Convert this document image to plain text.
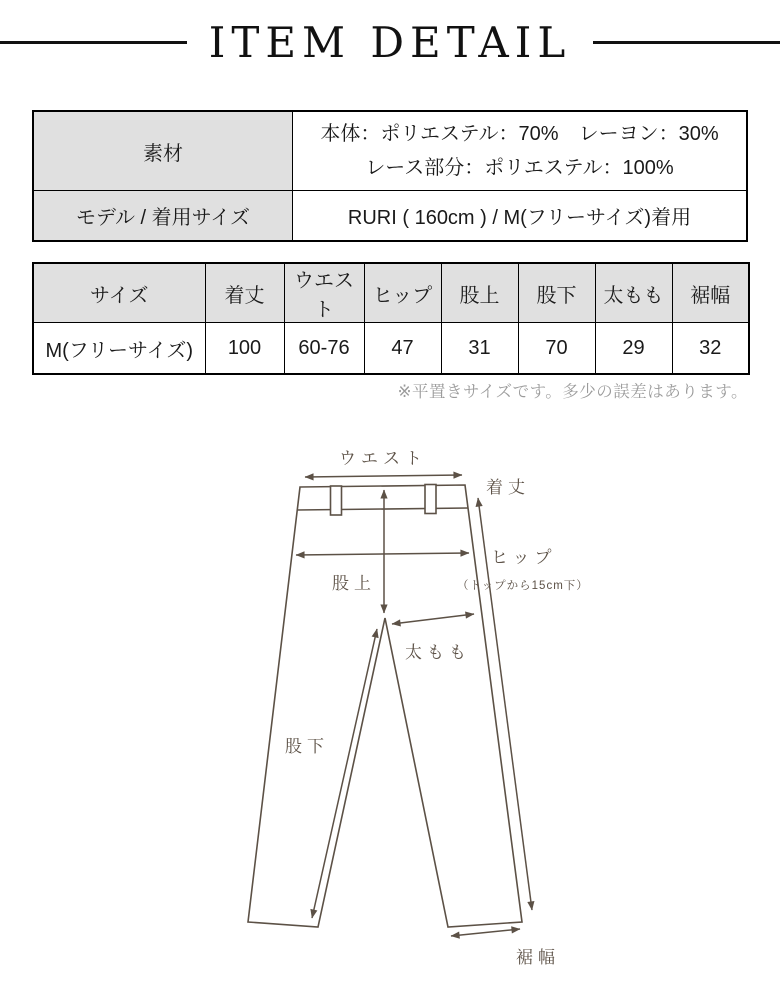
ITEM DETAIL
素材	本体：ポリエステル：70%　レーヨン：30%
レース部分：ポリエステル：100%

モデル / 着用サイズ	RURI ( 160cm ) / M(フリーサイズ)着用
サイズ	着丈	ウエスト	ヒップ	股上	股下	太もも	裾幅
M(フリーサイズ)	100	60-76	47	31	70	29	32
※平置きサイズです。多少の誤差はあります。
ウエスト
着丈
ヒップ
（トップから15cm下）
股上
太もも
股下
裾幅
